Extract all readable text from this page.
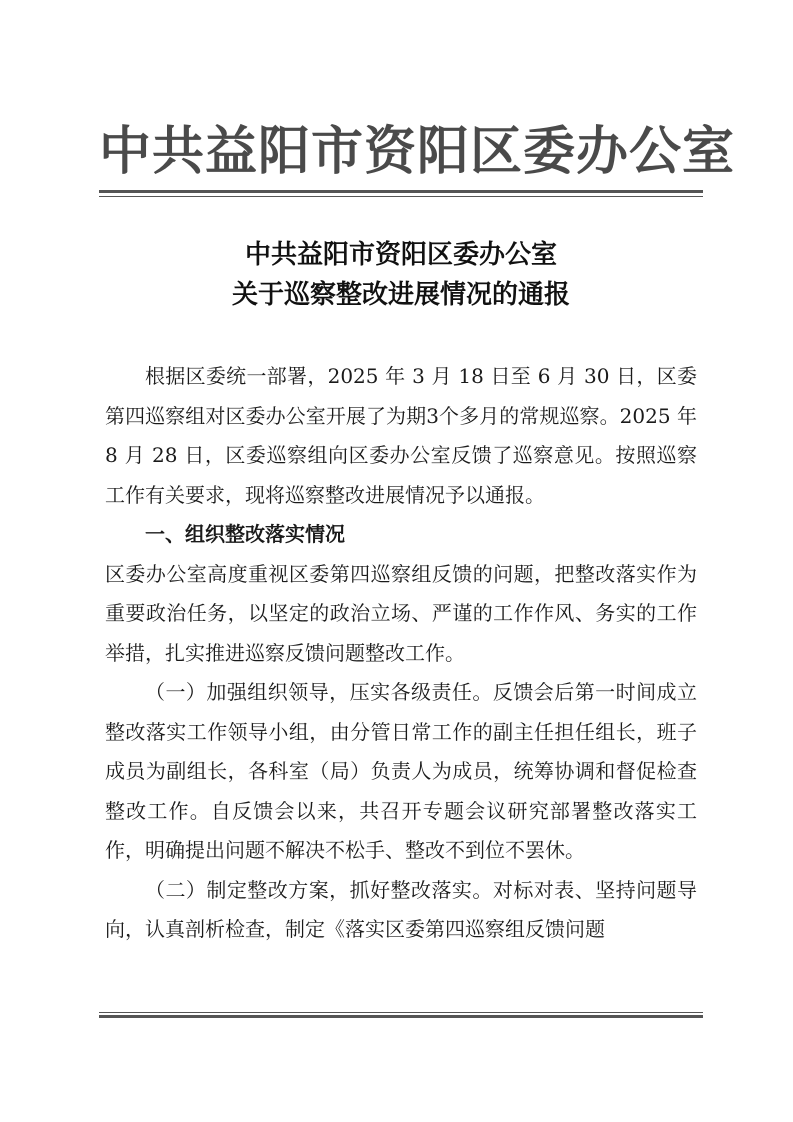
中共益阳市资阳区委办公室
中共益阳市资阳区委办公室
关于巡察整改进展情况的通报

根据区委统一部署，2025 年 3 月 18 日至 6 月 30 日，区委第四巡察组对区委办公室开展了为期3个多月的常规巡察。2025 年 8 月 28 日，区委巡察组向区委办公室反馈了巡察意见。按照巡察工作有关要求，现将巡察整改进展情况予以通报。

一、组织整改落实情况

区委办公室高度重视区委第四巡察组反馈的问题，把整改落实作为重要政治任务，以坚定的政治立场、严谨的工作作风、务实的工作举措，扎实推进巡察反馈问题整改工作。

（一）加强组织领导，压实各级责任。反馈会后第一时间成立整改落实工作领导小组，由分管日常工作的副主任担任组长，班子成员为副组长，各科室（局）负责人为成员，统筹协调和督促检查整改工作。自反馈会以来，共召开专题会议研究部署整改落实工作，明确提出问题不解决不松手、整改不到位不罢休。

（二）制定整改方案，抓好整改落实。对标对表、坚持问题导向，认真剖析检查，制定《落实区委第四巡察组反馈问题
